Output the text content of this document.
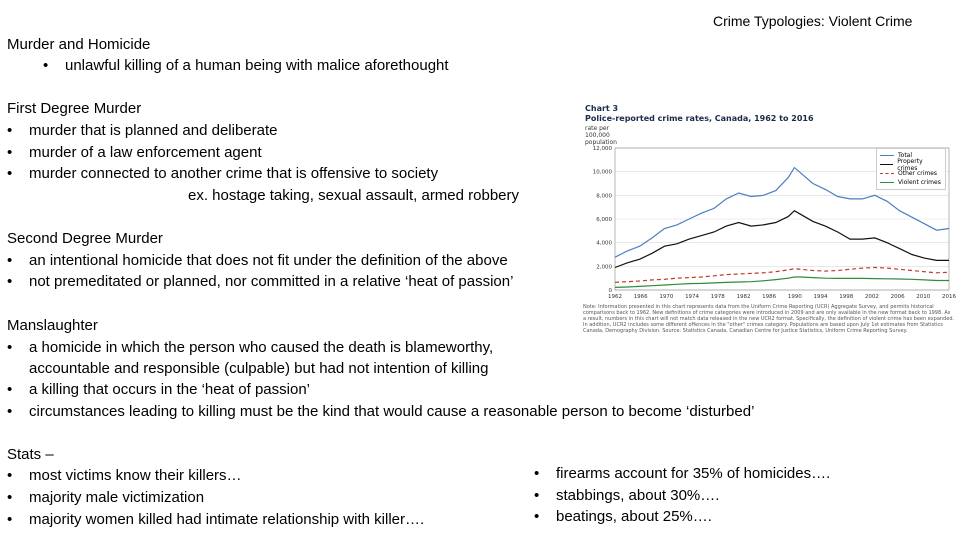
Crime Typologies: Violent Crime
Murder and Homicide
• unlawful killing of a human being with malice aforethought
First Degree Murder
• murder that is planned and deliberate
• murder of a law enforcement agent
• murder connected to another crime that is offensive to society
ex. hostage taking, sexual assault, armed robbery
Second Degree Murder
• an intentional homicide that does not fit under the definition of the above
• not premeditated or planned, nor committed in a relative ‘heat of passion’
Manslaughter
• a homicide in which the person who caused the death is blameworthy,
accountable and responsible (culpable) but had not intention of killing
• a killing that occurs in the ‘heat of passion’
• circumstances leading to killing must be the kind that would cause a reasonable person to become ‘disturbed’
Stats –
• most victims know their killers…
• majority male victimization
• majority women killed had intimate relationship with killer….
• firearms account for 35% of homicides….
• stabbings, about 30%….
• beatings, about 25%….
12,000
10,000
8,000
6,000
4,000
2,000
0
1962 1966 1970 1974 1978 1982 1986 1990 1994 1998 2002 2006 2010 2016
Chart 3
Police-reported crime rates, Canada, 1962 to 2016
rate per 100,000 population
Total
Property crimes
Other crimes
Violent crimes
Note: Information presented in this chart represents data from the Uniform Crime Reporting (UCR) Aggregate Survey, and permits historical comparisons back to 1962. New definitions of crime categories were introduced in 2009 and are only available in the new format back to 1998. As a result, numbers in this chart will not match data released in the new UCR2 format. Specifically, the definition of violent crime has been expanded. In addition, UCR2 includes some different offences in the "other" crimes category. Populations are based upon July 1st estimates from Statistics Canada, Demography Division. Source: Statistics Canada, Canadian Centre for Justice Statistics, Uniform Crime Reporting Survey.
